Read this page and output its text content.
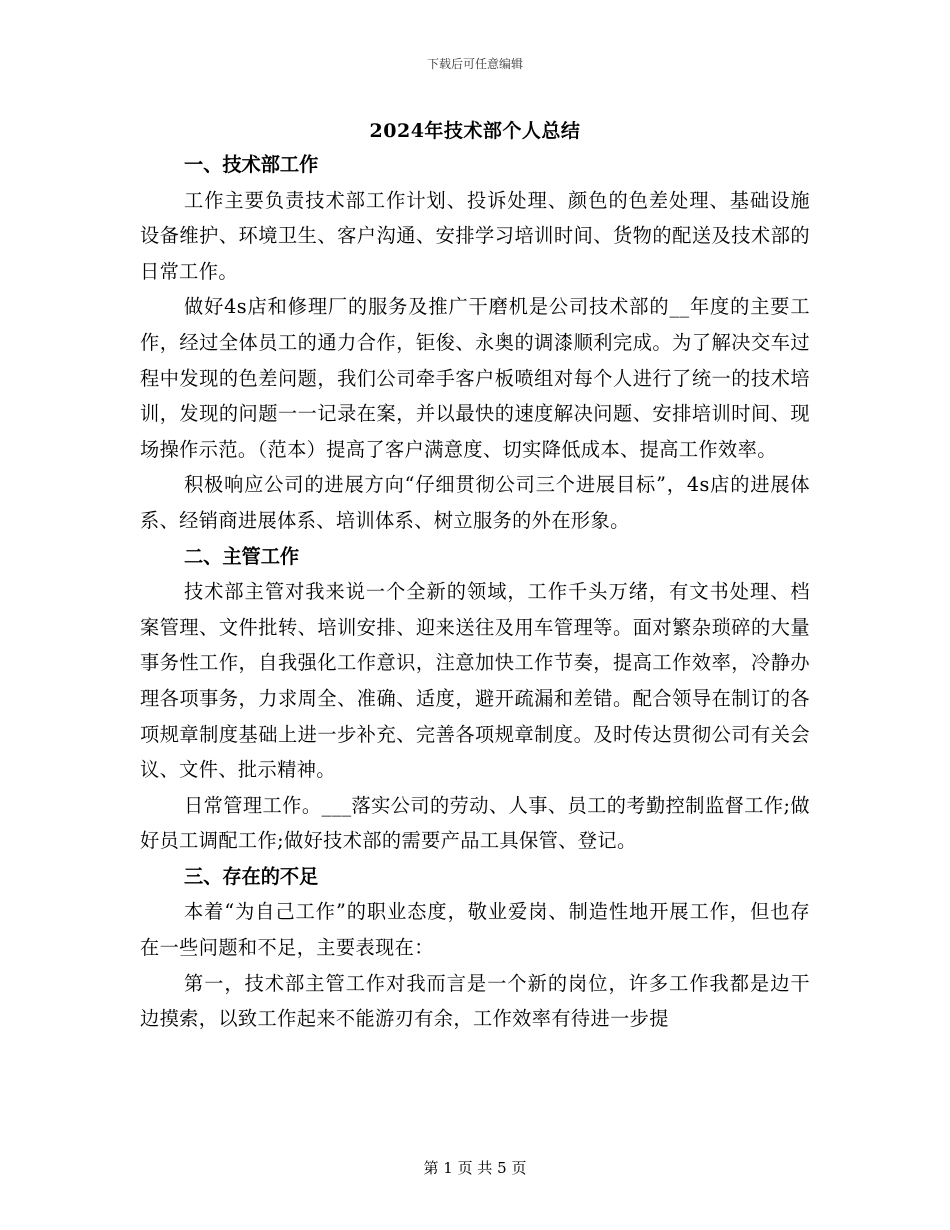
下载后可任意编辑
2024年技术部个人总结
一、技术部工作

工作主要负责技术部工作计划、投诉处理、颜色的色差处理、基础设施设备维护、环境卫生、客户沟通、安排学习培训时间、货物的配送及技术部的日常工作。

做好4s店和修理厂的服务及推广干磨机是公司技术部的__年度的主要工作，经过全体员工的通力合作，钜俊、永奥的调漆顺利完成。为了解决交车过程中发现的色差问题，我们公司牵手客户板喷组对每个人进行了统一的技术培训，发现的问题一一记录在案，并以最快的速度解决问题、安排培训时间、现场操作示范。（范本）提高了客户满意度、切实降低成本、提高工作效率。

积极响应公司的进展方向“仔细贯彻公司三个进展目标”，4s店的进展体系、经销商进展体系、培训体系、树立服务的外在形象。

二、主管工作

技术部主管对我来说一个全新的领域，工作千头万绪，有文书处理、档案管理、文件批转、培训安排、迎来送往及用车管理等。面对繁杂琐碎的大量事务性工作，自我强化工作意识，注意加快工作节奏，提高工作效率，冷静办理各项事务，力求周全、准确、适度，避开疏漏和差错。配合领导在制订的各项规章制度基础上进一步补充、完善各项规章制度。及时传达贯彻公司有关会议、文件、批示精神。

日常管理工作。___落实公司的劳动、人事、员工的考勤控制监督工作;做好员工调配工作;做好技术部的需要产品工具保管、登记。

三、存在的不足

本着“为自己工作”的职业态度，敬业爱岗、制造性地开展工作，但也存在一些问题和不足，主要表现在：

第一，技术部主管工作对我而言是一个新的岗位，许多工作我都是边干边摸索，以致工作起来不能游刃有余，工作效率有待进一步提

第 1 页 共 5 页
